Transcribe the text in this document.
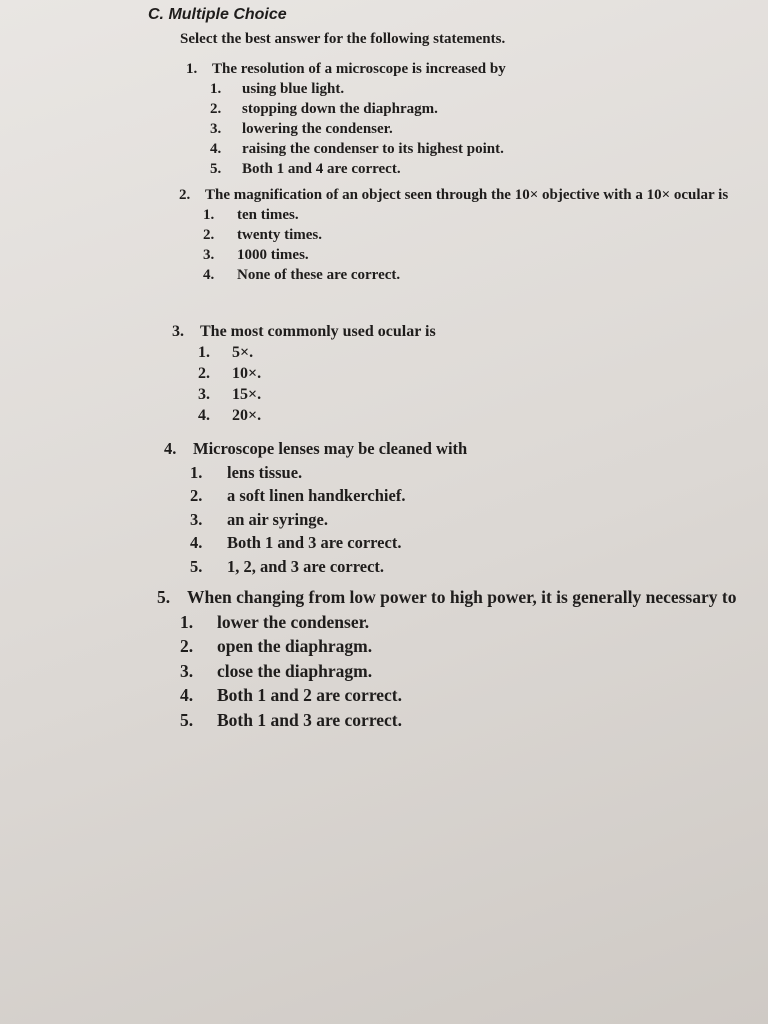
C. Multiple Choice

Select the best answer for the following statements.

1. The resolution of a microscope is increased by
1. using blue light.
2. stopping down the diaphragm.
3. lowering the condenser.
4. raising the condenser to its highest point.
5. Both 1 and 4 are correct.
2. The magnification of an object seen through the 10× objective with a 10× ocular is
1. ten times.
2. twenty times.
3. 1000 times.
4. None of these are correct.
3.	The most commonly used ocular is
1. 5×.
2. 10×.
3. 15×.
4. 20×.
4.	Microscope lenses may be cleaned with
1. lens tissue.
2. a soft linen handkerchief.
3. an air syringe.
4. Both 1 and 3 are correct.
5. 1, 2, and 3 are correct.
5. When changing from low power to high power, it is generally necessary to
1. lower the condenser.
2. open the diaphragm.
3. close the diaphragm.
4. Both 1 and 2 are correct.
5. Both 1 and 3 are correct.
